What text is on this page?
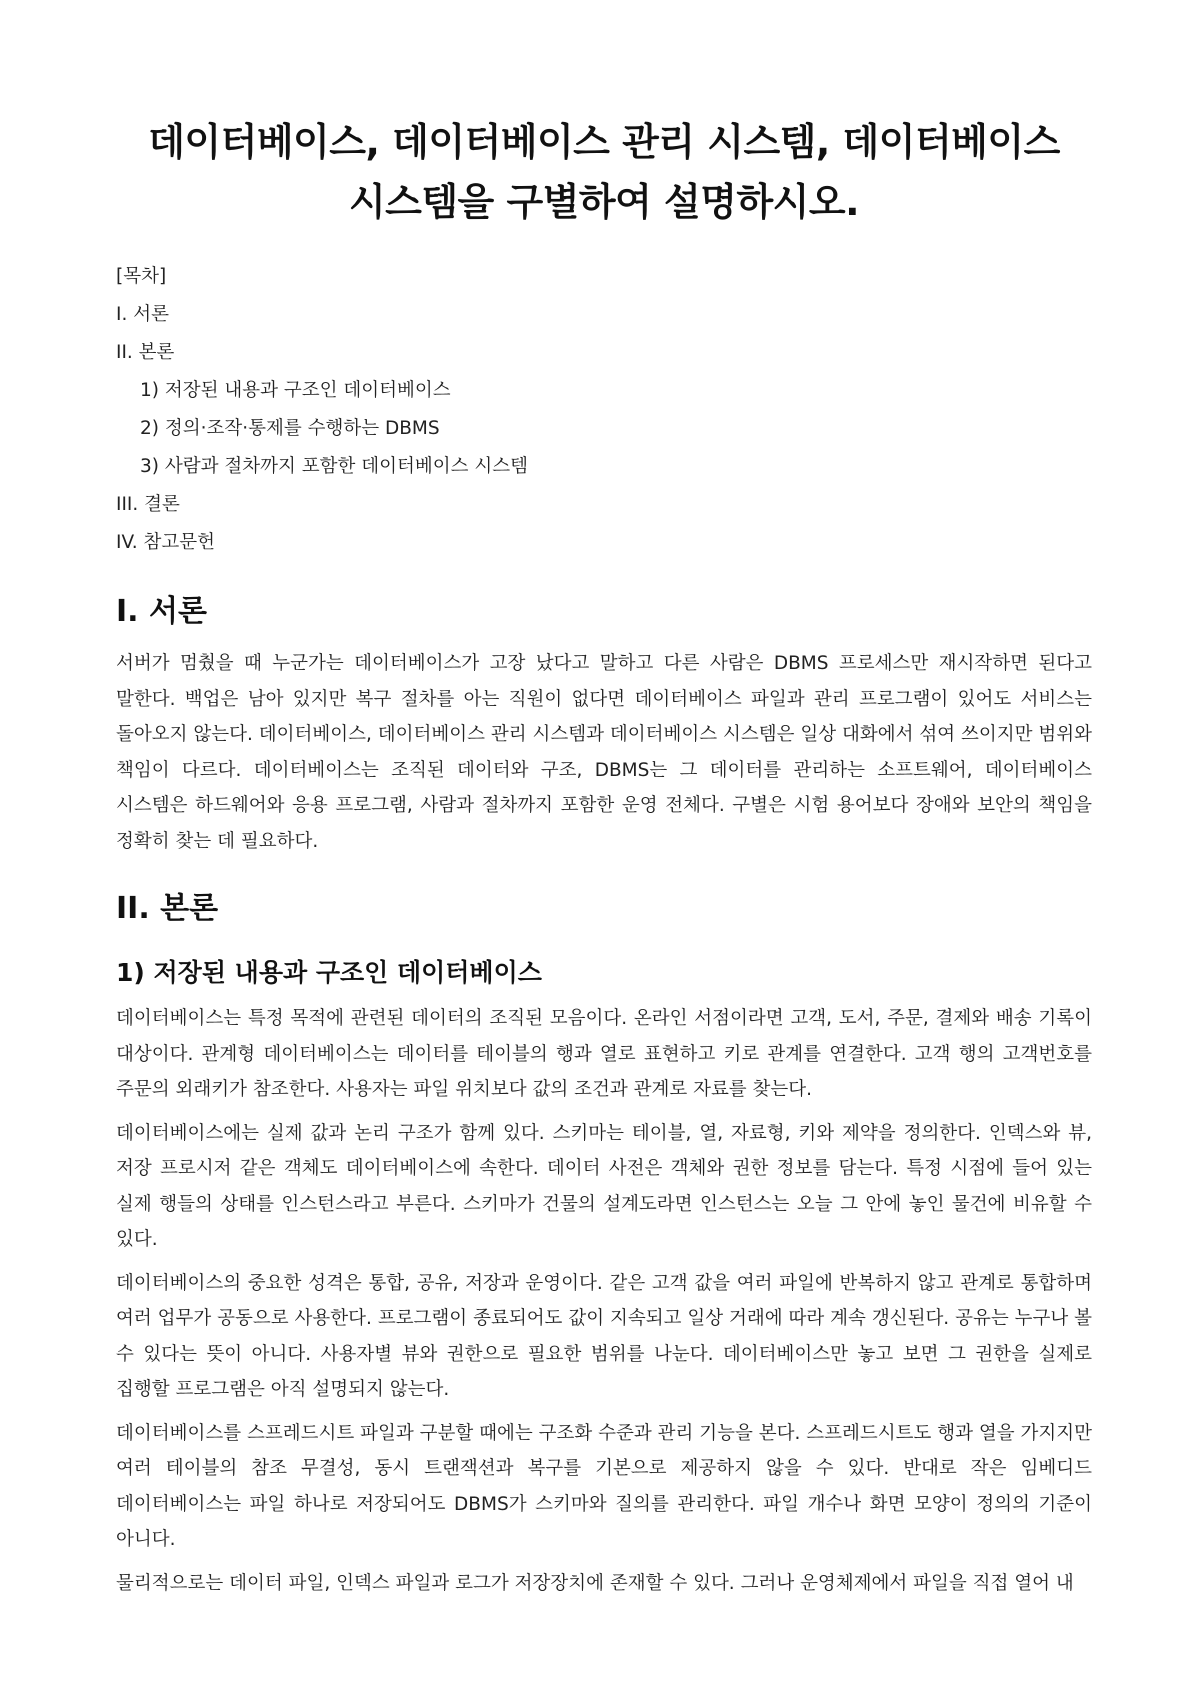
데이터베이스, 데이터베이스 관리 시스템, 데이터베이스 시스템을 구별하여 설명하시오.
[목차]
I. 서론
II. 본론
1) 저장된 내용과 구조인 데이터베이스
2) 정의·조작·통제를 수행하는 DBMS
3) 사람과 절차까지 포함한 데이터베이스 시스템
III. 결론
IV. 참고문헌
I. 서론

서버가 멈췄을 때 누군가는 데이터베이스가 고장 났다고 말하고 다른 사람은 DBMS 프로세스만 재시작하면 된다고 말한다. 백업은 남아 있지만 복구 절차를 아는 직원이 없다면 데이터베이스 파일과 관리 프로그램이 있어도 서비스는 돌아오지 않는다. 데이터베이스, 데이터베이스 관리 시스템과 데이터베이스 시스템은 일상 대화에서 섞여 쓰이지만 범위와 책임이 다르다. 데이터베이스는 조직된 데이터와 구조, DBMS는 그 데이터를 관리하는 소프트웨어, 데이터베이스 시스템은 하드웨어와 응용 프로그램, 사람과 절차까지 포함한 운영 전체다. 구별은 시험 용어보다 장애와 보안의 책임을 정확히 찾는 데 필요하다.

II. 본론
1) 저장된 내용과 구조인 데이터베이스

데이터베이스는 특정 목적에 관련된 데이터의 조직된 모음이다. 온라인 서점이라면 고객, 도서, 주문, 결제와 배송 기록이 대상이다. 관계형 데이터베이스는 데이터를 테이블의 행과 열로 표현하고 키로 관계를 연결한다. 고객 행의 고객번호를 주문의 외래키가 참조한다. 사용자는 파일 위치보다 값의 조건과 관계로 자료를 찾는다.

데이터베이스에는 실제 값과 논리 구조가 함께 있다. 스키마는 테이블, 열, 자료형, 키와 제약을 정의한다. 인덱스와 뷰, 저장 프로시저 같은 객체도 데이터베이스에 속한다. 데이터 사전은 객체와 권한 정보를 담는다. 특정 시점에 들어 있는 실제 행들의 상태를 인스턴스라고 부른다. 스키마가 건물의 설계도라면 인스턴스는 오늘 그 안에 놓인 물건에 비유할 수 있다.

데이터베이스의 중요한 성격은 통합, 공유, 저장과 운영이다. 같은 고객 값을 여러 파일에 반복하지 않고 관계로 통합하며 여러 업무가 공동으로 사용한다. 프로그램이 종료되어도 값이 지속되고 일상 거래에 따라 계속 갱신된다. 공유는 누구나 볼 수 있다는 뜻이 아니다. 사용자별 뷰와 권한으로 필요한 범위를 나눈다. 데이터베이스만 놓고 보면 그 권한을 실제로 집행할 프로그램은 아직 설명되지 않는다.

데이터베이스를 스프레드시트 파일과 구분할 때에는 구조화 수준과 관리 기능을 본다. 스프레드시트도 행과 열을 가지지만 여러 테이블의 참조 무결성, 동시 트랜잭션과 복구를 기본으로 제공하지 않을 수 있다. 반대로 작은 임베디드 데이터베이스는 파일 하나로 저장되어도 DBMS가 스키마와 질의를 관리한다. 파일 개수나 화면 모양이 정의의 기준이 아니다.

물리적으로는 데이터 파일, 인덱스 파일과 로그가 저장장치에 존재할 수 있다. 그러나 운영체제에서 파일을 직접 열어 내
